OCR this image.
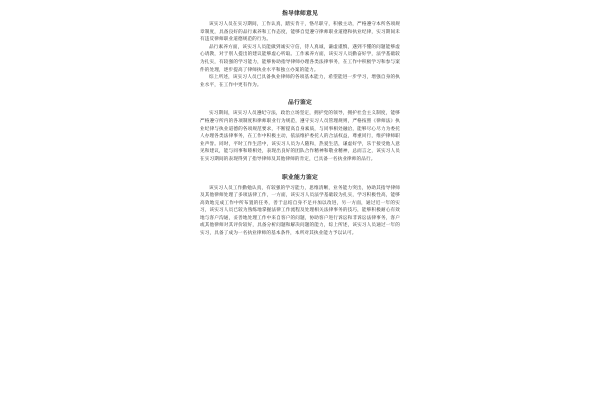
指导律师意见

该实习人员在实习期间，工作认真，踏实肯干，恪尽职守，积极主动，严格遵守本所各项规章制度，具备良好的品行素养和工作态度，能够自觉遵守律师职业道德和执业纪律，实习期间未有违反律师职业道德规范的行为。

品行素养方面，该实习人员能做到诚实守信，待人真诚，谦虚谨慎，遇到不懂的问题能够虚心请教，对于别人提出的建议能够虚心听取。工作素养方面，该实习人员勤奋好学，法学基础较为扎实，有较强的学习能力，能够协助指导律师办理各类法律事务，在工作中积极学习和参与案件的处理，逐步提高了律师执业水平和独立办案的能力。

综上所述，该实习人员已具备执业律师的各项基本能力，希望能进一步学习，增强自身的执业水平，在工作中更有作为。

品行鉴定

实习期间，该实习人员遵纪守法，政治立场坚定，拥护党的领导，拥护社会主义制度，能够严格遵守所内的各项制度和律师职业行为规范，遵守实习人员管理规则，严格按照《律师法》执业纪律与执业道德的各项规范要求，不断提高自身素质，与同事相处融洽，能够尽心尽力为委托人办理各类法律事务，在工作中积极主动，依法维护委托人的合法权益，尊重同行，维护律师职业声誉。同时，平时工作生活中，该实习人员为人随和，热爱生活，谦虚好学，乐于接受他人意见和建议，能与同事和睦相处，表现出良好的团队合作精神和敬业精神，总而言之，该实习人员在实习期间的表现得到了指导律师及其他律师的肯定，已具备一名执业律师的品行。

职业能力鉴定

该实习人员工作勤勉认真，有较强的学习能力，思维清晰，业务能力突出，协助其指导律师及其他律师处理了多项法律工作，一方面，该实习人员法学基础较为扎实，学习积极性高，能够高效地完成工作中所布置的任务，善于总结自身不足并加以改进，另一方面，通过近一年的实习，该实习人员已较为熟练地掌握法律工作流程及处理相关法律事务的技巧，能够积极耐心有效地与客户沟通，妥善地处理工作中来自客户的问题，协助客户进行诉讼和非诉讼法律事务，客户或其他律师对其评价较好，具备分析问题和解决问题的能力，综上所述，该实习人员通过一年的实习，具备了成为一名执业律师的基本条件，本所对其执业能力予以认可。
